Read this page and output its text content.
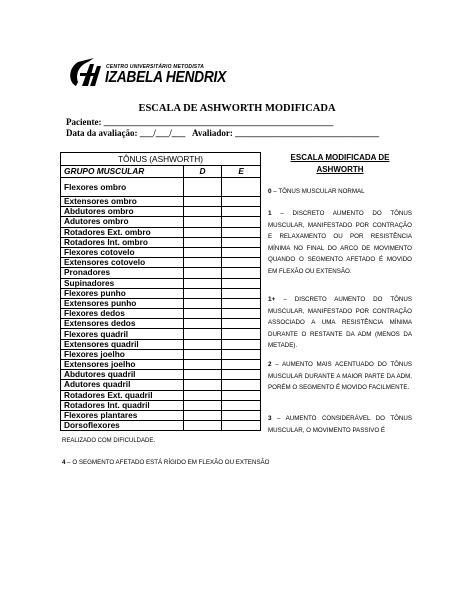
CENTRO UNIVERSITÁRIO METODISTA
IZABELA HENDRIX
ESCALA DE ASHWORTH MODIFICADA
Paciente: ___________________________________________________
Data da avaliação: ___/___/___ Avaliador: ________________________________
TÔNUS (ASHWORTH)		
GRUPO MUSCULAR	D	E
Flexores ombro		
Extensores ombro		
Abdutores ombro		
Adutores ombro		
Rotadores Ext. ombro		
Rotadores Int. ombro		
Flexores cotovelo		
Extensores cotovelo		
Pronadores		
Supinadores		
Flexores punho		
Extensores punho		
Flexores dedos		
Extensores dedos		
Flexores quadril		
Extensores quadril		
Flexores joelho		
Extensores joelho		
Abdutores quadril		
Adutores quadril		
Rotadores Ext. quadril		
Rotadores Int. quadril		
Flexores plantares		
Dorsoflexores		
ESCALA MODIFICADA DE ASHWORTH
0 – TÔNUS MUSCULAR NORMAL
1 – DISCRETO AUMENTO DO TÔNUS MUSCULAR, MANIFESTADO POR CONTRAÇÃO E RELAXAMENTO OU POR RESISTÊNCIA MÍNIMA NO FINAL DO ARCO DE MOVIMENTO QUANDO O SEGMENTO AFETADO É MOVIDO EM FLEXÃO OU EXTENSÃO.
1+ – DISCRETO AUMENTO DO TÔNUS MUSCULAR, MANIFESTADO POR CONTRAÇÃO ASSOCIADO A UMA RESISTÊNCIA MÍNIMA DURANTE O RESTANTE DA ADM (MENOS DA METADE).
2 – AUMENTO MAIS ACENTUADO DO TÔNUS MUSCULAR DURANTE A MAIOR PARTE DA ADM, PORÉM O SEGMENTO É MOVIDO FACILMENTE.
3 – AUMENTO CONSIDERÁVEL DO TÔNUS MUSCULAR, O MOVIMENTO PASSIVO É
REALIZADO COM DIFICULDADE.
4 – O SEGMENTO AFETADO ESTÁ RÍGIDO EM FLEXÃO OU EXTENSÃO
